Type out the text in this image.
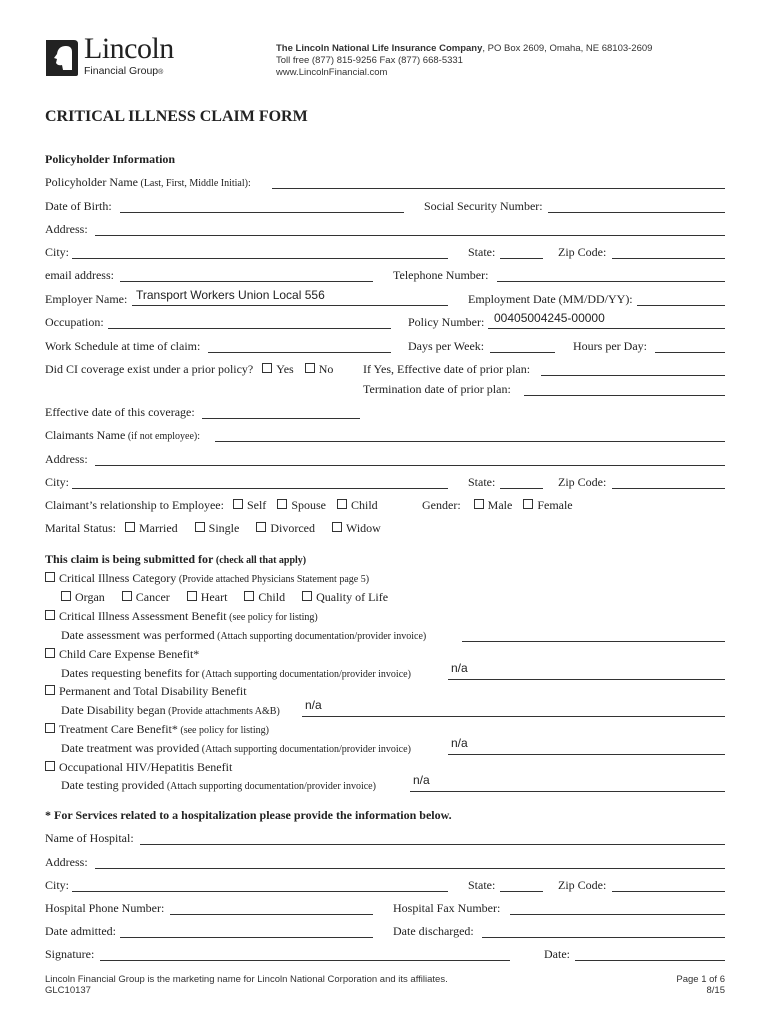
Lincoln
Financial Group®
The Lincoln National Life Insurance Company, PO Box 2609, Omaha, NE 68103-2609
Toll free (877) 815-9256 Fax (877) 668-5331
www.LincolnFinancial.com
CRITICAL ILLNESS CLAIM FORM
Policyholder Information
Policyholder Name (Last, First, Middle Initial):
Date of Birth:	Social Security Number:
Address:
City:	State:	Zip Code:
email address:	Telephone Number:
Employer Name: Transport Workers Union Local 556	Employment Date (MM/DD/YY):
Occupation:	Policy Number: 00405004245-00000
Work Schedule at time of claim:	Days per Week:	Hours per Day:
Did CI coverage exist under a prior policy? Yes No If Yes, Effective date of prior plan:
Termination date of prior plan:
Effective date of this coverage:
Claimants Name (if not employee):
Address:
City:	State:	Zip Code:
Claimant’s relationship to Employee: Self Spouse Child	Gender: Male Female
Marital Status: Married	Single	Divorced	Widow
This claim is being submitted for (check all that apply)
Critical Illness Category (Provide attached Physicians Statement page 5)
Organ	Cancer	Heart	Child	Quality of Life
Critical Illness Assessment Benefit (see policy for listing)
Date assessment was performed (Attach supporting documentation/provider invoice)
Child Care Expense Benefit*
Dates requesting benefits for (Attach supporting documentation/provider invoice)	n/a
Permanent and Total Disability Benefit
Date Disability began (Provide attachments A&B) n/a
Treatment Care Benefit* (see policy for listing)
Date treatment was provided (Attach supporting documentation/provider invoice)	n/a
Occupational HIV/Hepatitis Benefit
Date testing provided (Attach supporting documentation/provider invoice)	n/a
* For Services related to a hospitalization please provide the information below.
Name of Hospital:
Address:
City:	State:	Zip Code:
Hospital Phone Number:	Hospital Fax Number:
Date admitted:	Date discharged:
Signature:	Date:
Lincoln Financial Group is the marketing name for Lincoln National Corporation and its affiliates.
GLC10137
Page 1 of 6
8/15
